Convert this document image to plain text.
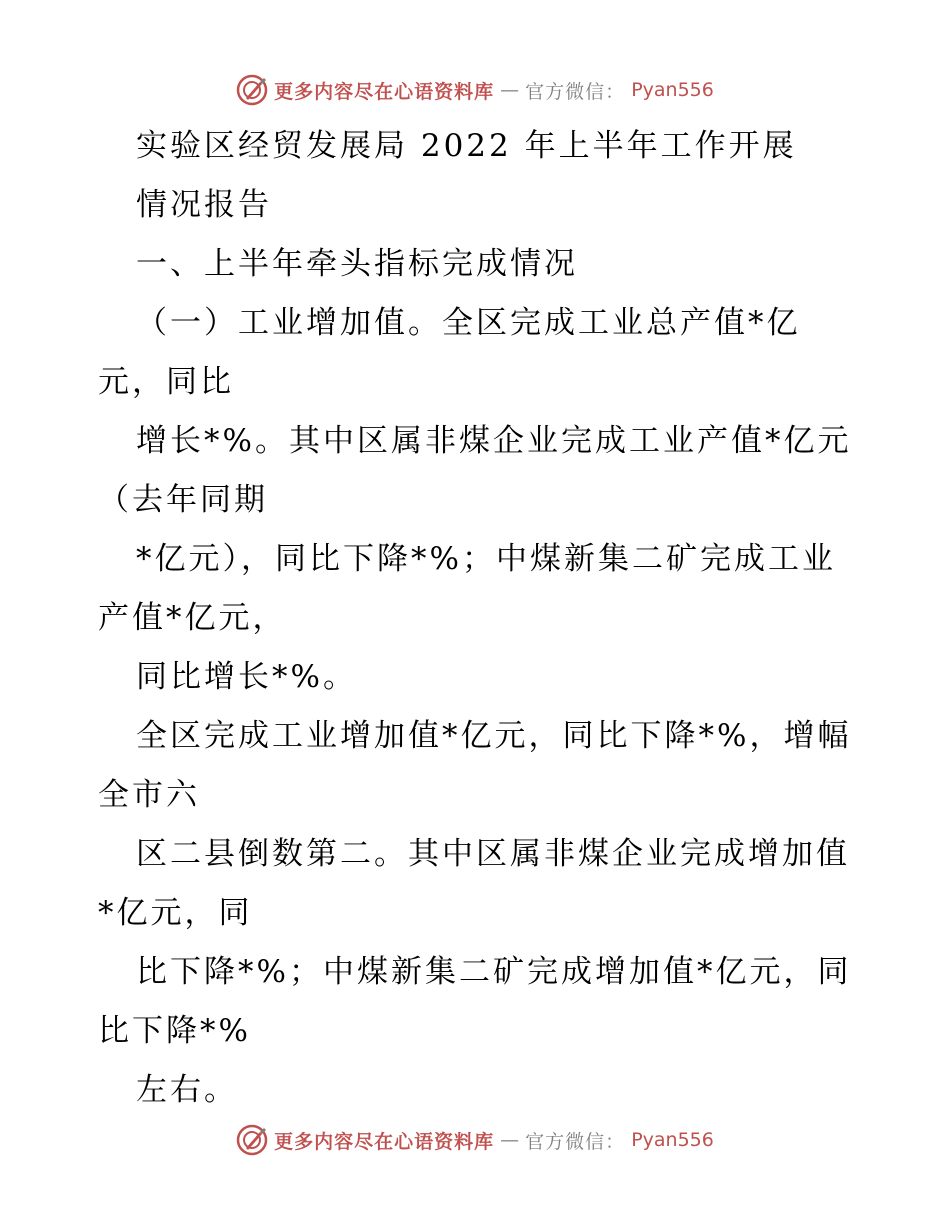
更多内容尽在心语资料库 — 官方微信： Pyan556
实验区经贸发展局 2022 年上半年工作开展
情况报告
一、上半年牵头指标完成情况
（一）工业增加值。全区完成工业总产值*亿
元，同比
增长*%。其中区属非煤企业完成工业产值*亿元
（去年同期
*亿元），同比下降*%；中煤新集二矿完成工业
产值*亿元，
同比增长*%。
全区完成工业增加值*亿元，同比下降*%，增幅
全市六
区二县倒数第二。其中区属非煤企业完成增加值
*亿元，同
比下降*%；中煤新集二矿完成增加值*亿元，同
比下降*%
左右。
更多内容尽在心语资料库 — 官方微信： Pyan556
